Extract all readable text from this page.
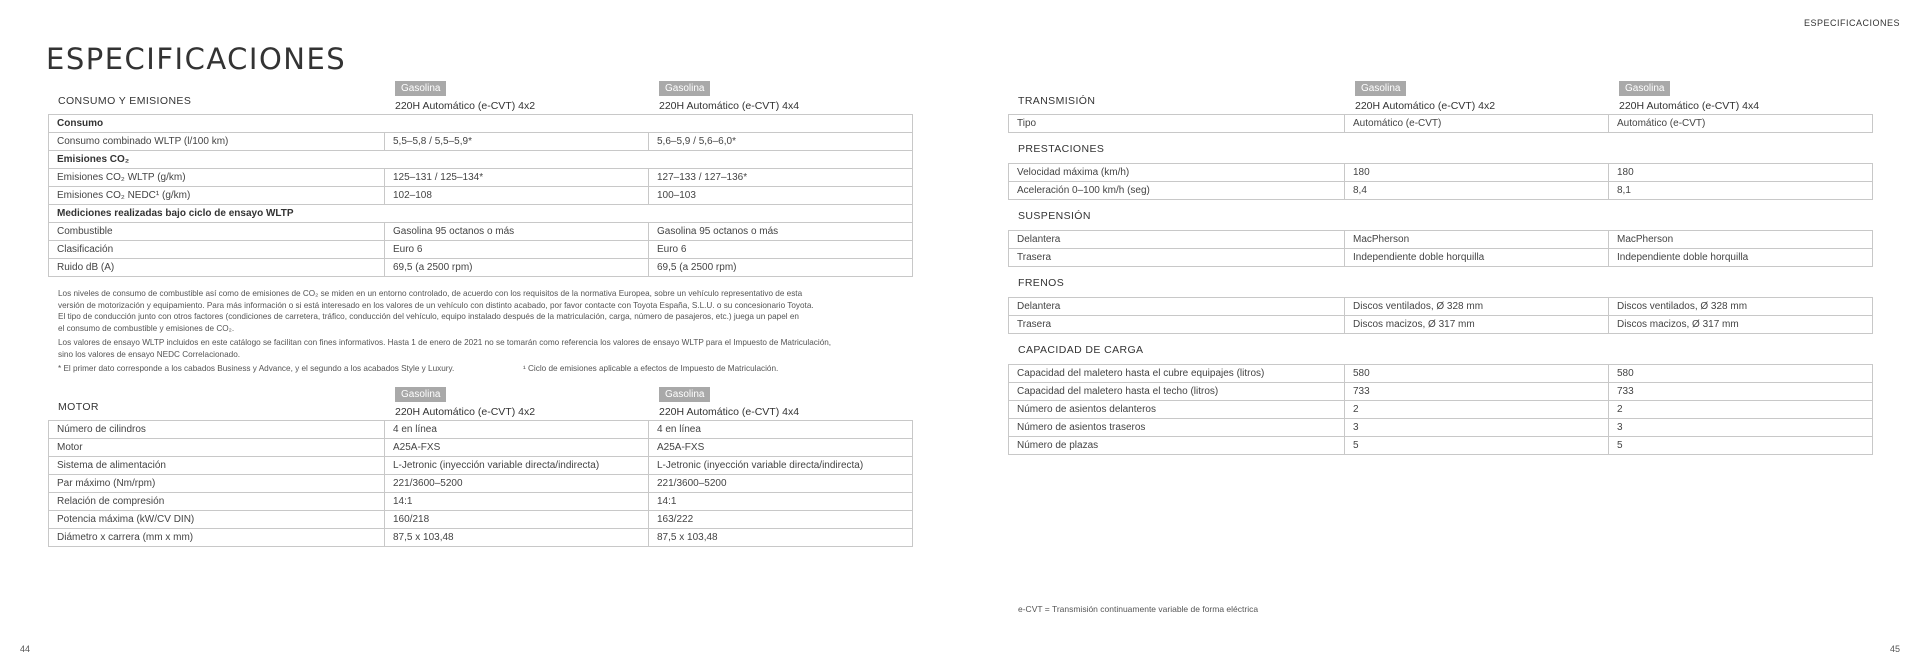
ESPECIFICACIONES
ESPECIFICACIONES
44	45
CONSUMO Y EMISIONES
Gasolina
220H Automático (e-CVT) 4x2
Gasolina
220H Automático (e-CVT) 4x4
Consumo		
Consumo combinado WLTP (l/100 km)	5,5–5,8 / 5,5–5,9*	5,6–5,9 / 5,6–6,0*
Emisiones CO₂		
Emisiones CO₂ WLTP (g/km)	125–131 / 125–134*	127–133 / 127–136*
Emisiones CO₂ NEDC¹ (g/km)	102–108	100–103
Mediciones realizadas bajo ciclo de ensayo WLTP		
Combustible	Gasolina 95 octanos o más	Gasolina 95 octanos o más
Clasificación	Euro 6	Euro 6
Ruido dB (A)	69,5 (a 2500 rpm)	69,5 (a 2500 rpm)

Los niveles de consumo de combustible así como de emisiones de CO₂ se miden en un entorno controlado, de acuerdo con los requisitos de la normativa Europea, sobre un vehículo representativo de esta
versión de motorización y equipamiento. Para más información o si está interesado en los valores de un vehículo con distinto acabado, por favor contacte con Toyota España, S.L.U. o su concesionario Toyota.
El tipo de conducción junto con otros factores (condiciones de carretera, tráfico, conducción del vehículo, equipo instalado después de la matriculación, carga, número de pasajeros, etc.) juega un papel en
el consumo de combustible y emisiones de CO₂.

Los valores de ensayo WLTP incluidos en este catálogo se facilitan con fines informativos. Hasta 1 de enero de 2021 no se tomarán como referencia los valores de ensayo WLTP para el Impuesto de Matriculación,
sino los valores de ensayo NEDC Correlacionado.

* El primer dato corresponde a los cabados Business y Advance, y el segundo a los acabados Style y Luxury.	¹ Ciclo de emisiones aplicable a efectos de Impuesto de Matriculación.

MOTOR
Gasolina
220H Automático (e-CVT) 4x2
Gasolina
220H Automático (e-CVT) 4x4
Número de cilindros	4 en línea	4 en línea
Motor	A25A-FXS	A25A-FXS
Sistema de alimentación	L-Jetronic (inyección variable directa/indirecta)	L-Jetronic (inyección variable directa/indirecta)
Par máximo (Nm/rpm)	221/3600–5200	221/3600–5200
Relación de compresión	14:1	14:1
Potencia máxima (kW/CV DIN)	160/218	163/222
Diámetro x carrera (mm x mm)	87,5 x 103,48	87,5 x 103,48
TRANSMISIÓN
Gasolina
220H Automático (e-CVT) 4x2
Gasolina
220H Automático (e-CVT) 4x4
Tipo	Automático (e-CVT)	Automático (e-CVT)
PRESTACIONES
Velocidad máxima (km/h)	180	180
Aceleración 0–100 km/h (seg)	8,4	8,1
SUSPENSIÓN
Delantera	MacPherson	MacPherson
Trasera	Independiente doble horquilla	Independiente doble horquilla
FRENOS
Delantera	Discos ventilados, Ø 328 mm	Discos ventilados, Ø 328 mm
Trasera	Discos macizos, Ø 317 mm	Discos macizos, Ø 317 mm
CAPACIDAD DE CARGA
Capacidad del maletero hasta el cubre equipajes (litros)	580	580
Capacidad del maletero hasta el techo (litros)	733	733
Número de asientos delanteros	2	2
Número de asientos traseros	3	3
Número de plazas	5	5
e-CVT = Transmisión continuamente variable de forma eléctrica
